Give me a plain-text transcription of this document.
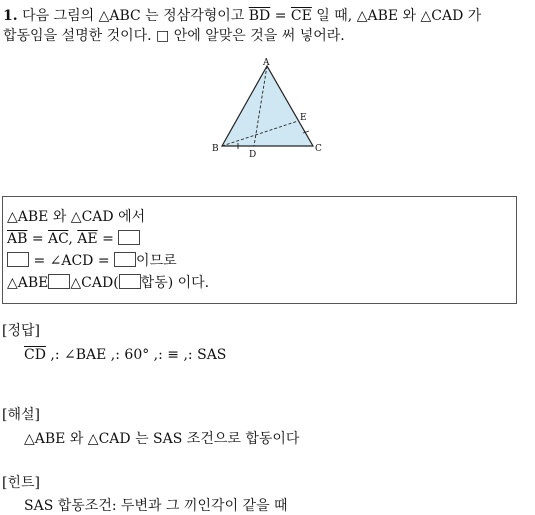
1. 다음 그림의 △ABC 는 정삼각형이고 $\overline{BD} = \overline{CE}$ 일 때, △ABE 와 △CAD 가
합동임을 설명한 것이다. □ 안에 알맞은 것을 써 넣어라.
A
B	C
D
E
△ABE 와 △CAD 에서
$\overline{AB} = \overline{AC}$, $\overline{AE}$ =
= ∠ACD = 이므로
△ABE △CAD( 합동) 이다.
[정답]
$\overline{CD}$ ,: ∠BAE ,: 60° ,: ≡ ,: SAS
[해설]
△ABE 와 △CAD 는 SAS 조건으로 합동이다
[힌트]
SAS 합동조건: 두변과 그 끼인각이 같을 때
